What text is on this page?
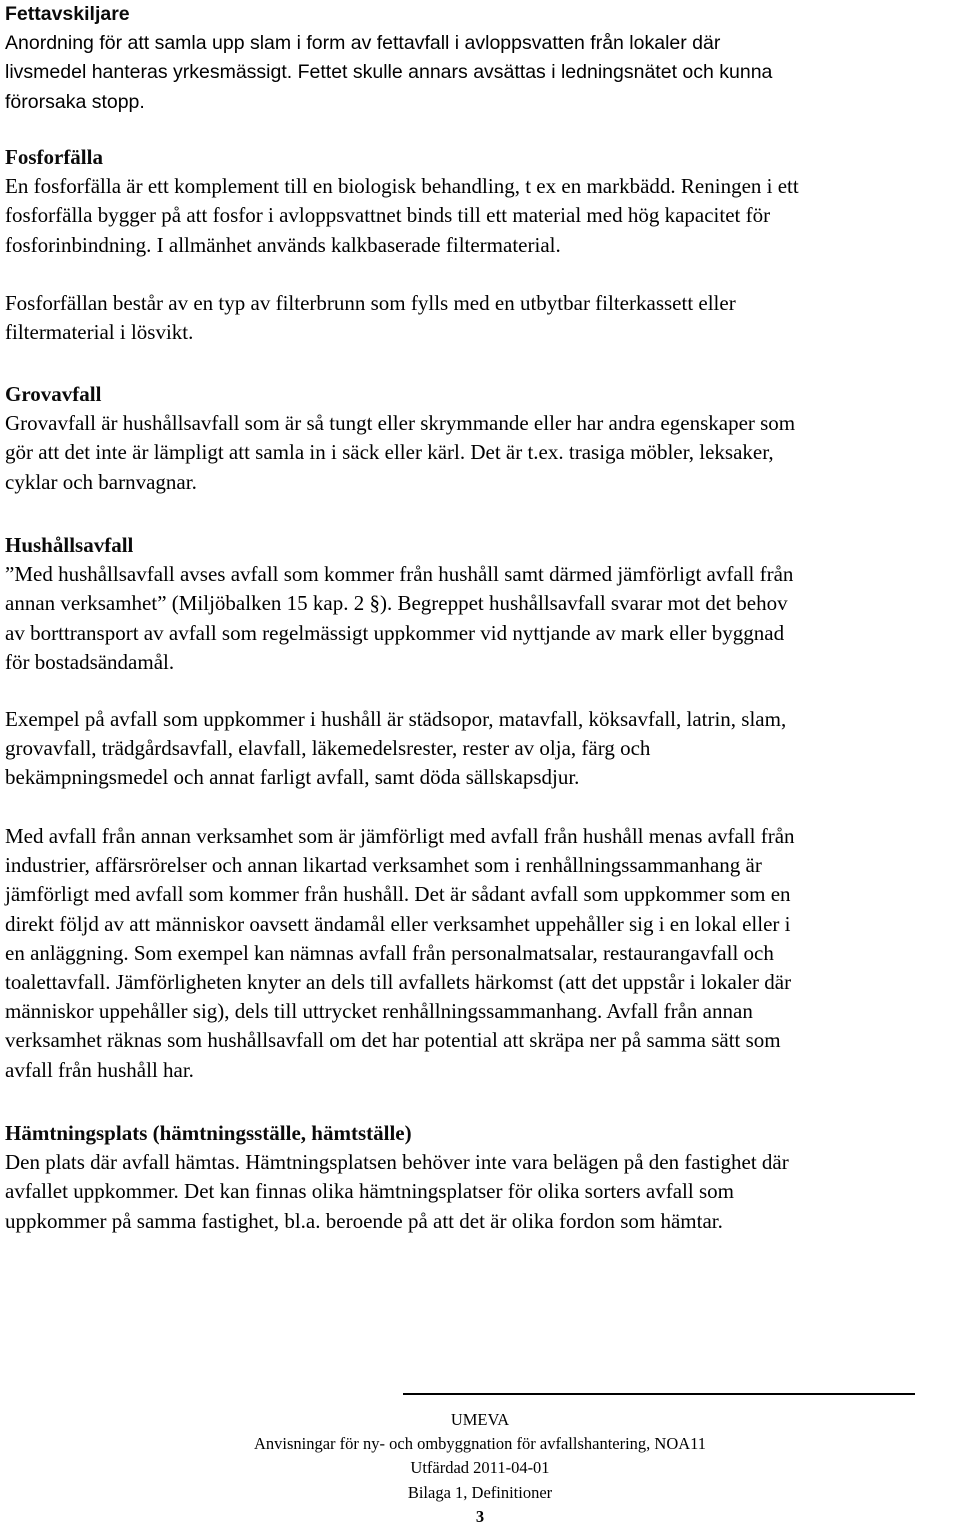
Fettavskiljare
Anordning för att samla upp slam i form av fettavfall i avloppsvatten från lokaler där
livsmedel hanteras yrkesmässigt. Fettet skulle annars avsättas i ledningsnätet och kunna
förorsaka stopp.
Fosforfälla
En fosforfälla är ett komplement till en biologisk behandling, t ex en markbädd. Reningen i ett
fosforfälla bygger på att fosfor i avloppsvattnet binds till ett material med hög kapacitet för
fosforinbindning. I allmänhet används kalkbaserade filtermaterial.
Fosforfällan består av en typ av filterbrunn som fylls med en utbytbar filterkassett eller
filtermaterial i lösvikt.
Grovavfall
Grovavfall är hushållsavfall som är så tungt eller skrymmande eller har andra egenskaper som
gör att det inte är lämpligt att samla in i säck eller kärl. Det är t.ex. trasiga möbler, leksaker,
cyklar och barnvagnar.
Hushållsavfall
”Med hushållsavfall avses avfall som kommer från hushåll samt därmed jämförligt avfall från
annan verksamhet” (Miljöbalken 15 kap. 2 §). Begreppet hushållsavfall svarar mot det behov
av borttransport av avfall som regelmässigt uppkommer vid nyttjande av mark eller byggnad
för bostadsändamål.
Exempel på avfall som uppkommer i hushåll är städsopor, matavfall, köksavfall, latrin, slam,
grovavfall, trädgårdsavfall, elavfall, läkemedelsrester, rester av olja, färg och
bekämpningsmedel och annat farligt avfall, samt döda sällskapsdjur.
Med avfall från annan verksamhet som är jämförligt med avfall från hushåll menas avfall från
industrier, affärsrörelser och annan likartad verksamhet som i renhållningssammanhang är
jämförligt med avfall som kommer från hushåll. Det är sådant avfall som uppkommer som en
direkt följd av att människor oavsett ändamål eller verksamhet uppehåller sig i en lokal eller i
en anläggning. Som exempel kan nämnas avfall från personalmatsalar, restaurangavfall och
toalettavfall. Jämförligheten knyter an dels till avfallets härkomst (att det uppstår i lokaler där
människor uppehåller sig), dels till uttrycket renhållningssammanhang. Avfall från annan
verksamhet räknas som hushållsavfall om det har potential att skräpa ner på samma sätt som
avfall från hushåll har.
Hämtningsplats (hämtningsställe, hämtställe)
Den plats där avfall hämtas. Hämtningsplatsen behöver inte vara belägen på den fastighet där
avfallet uppkommer. Det kan finnas olika hämtningsplatser för olika sorters avfall som
uppkommer på samma fastighet, bl.a. beroende på att det är olika fordon som hämtar.
UMEVA
Anvisningar för ny- och ombyggnation för avfallshantering, NOA11
Utfärdad 2011-04-01
Bilaga 1, Definitioner
3
